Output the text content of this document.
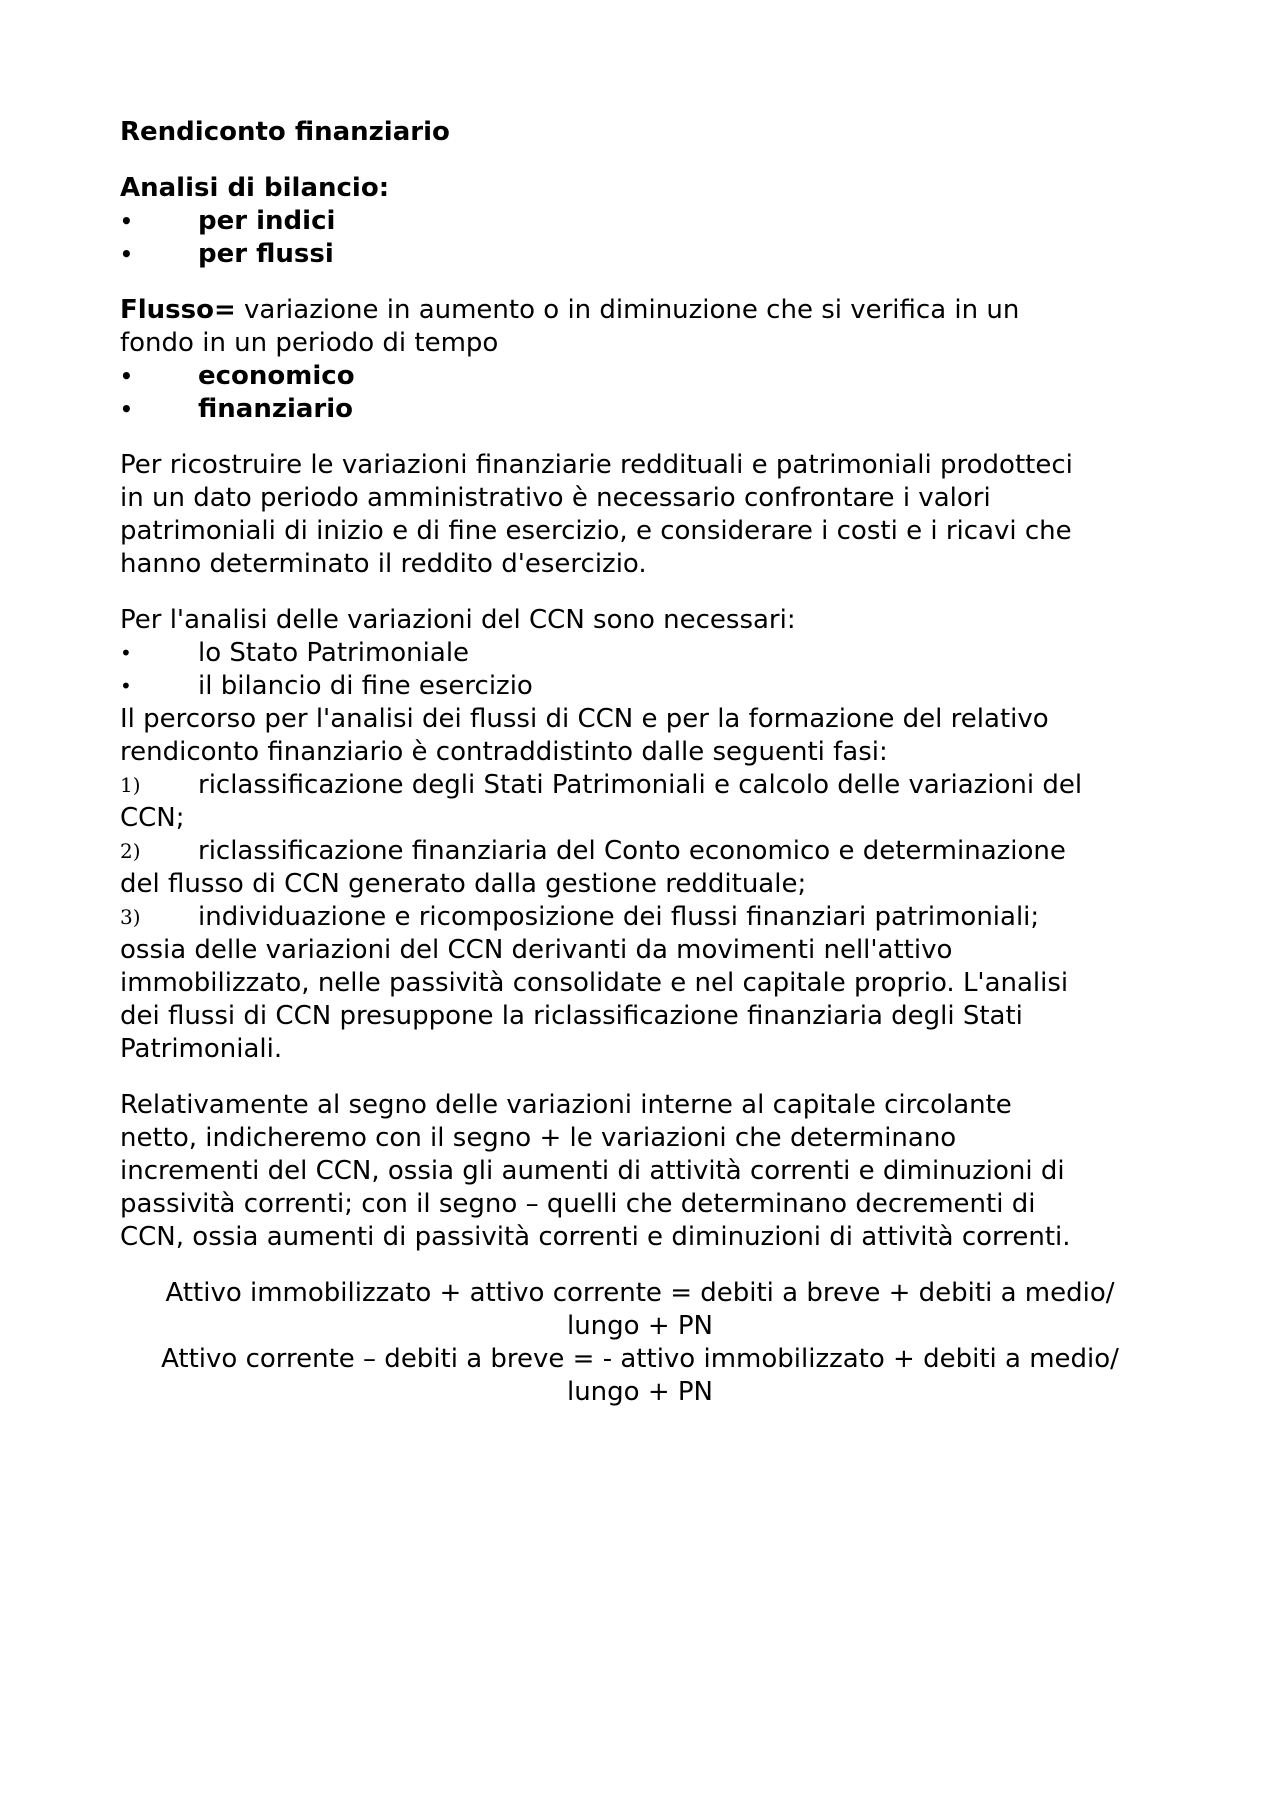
Rendiconto finanziario

Analisi di bilancio:
•	per indici
•	per flussi
Flusso= variazione in aumento o in diminuzione che si verifica in un
fondo in un periodo di tempo
•	economico
•	finanziario
Per ricostruire le variazioni finanziarie reddituali e patrimoniali prodotteci
in un dato periodo amministrativo è necessario confrontare i valori
patrimoniali di inizio e di fine esercizio, e considerare i costi e i ricavi che
hanno determinato il reddito d'esercizio.
Per l'analisi delle variazioni del CCN sono necessari:
•	lo Stato Patrimoniale
•	il bilancio di fine esercizio
Il percorso per l'analisi dei flussi di CCN e per la formazione del relativo
rendiconto finanziario è contraddistinto dalle seguenti fasi:
1) riclassificazione degli Stati Patrimoniali e calcolo delle variazioni del
CCN;
2) riclassificazione finanziaria del Conto economico e determinazione
del flusso di CCN generato dalla gestione reddituale;
3) individuazione e ricomposizione dei flussi finanziari patrimoniali;
ossia delle variazioni del CCN derivanti da movimenti nell'attivo
immobilizzato, nelle passività consolidate e nel capitale proprio. L'analisi
dei flussi di CCN presuppone la riclassificazione finanziaria degli Stati
Patrimoniali.
Relativamente al segno delle variazioni interne al capitale circolante
netto, indicheremo con il segno + le variazioni che determinano
incrementi del CCN, ossia gli aumenti di attività correnti e diminuzioni di
passività correnti; con il segno – quelli che determinano decrementi di
CCN, ossia aumenti di passività correnti e diminuzioni di attività correnti.
Attivo immobilizzato + attivo corrente = debiti a breve + debiti a medio/
lungo + PN
Attivo corrente – debiti a breve = - attivo immobilizzato + debiti a medio/
lungo + PN
